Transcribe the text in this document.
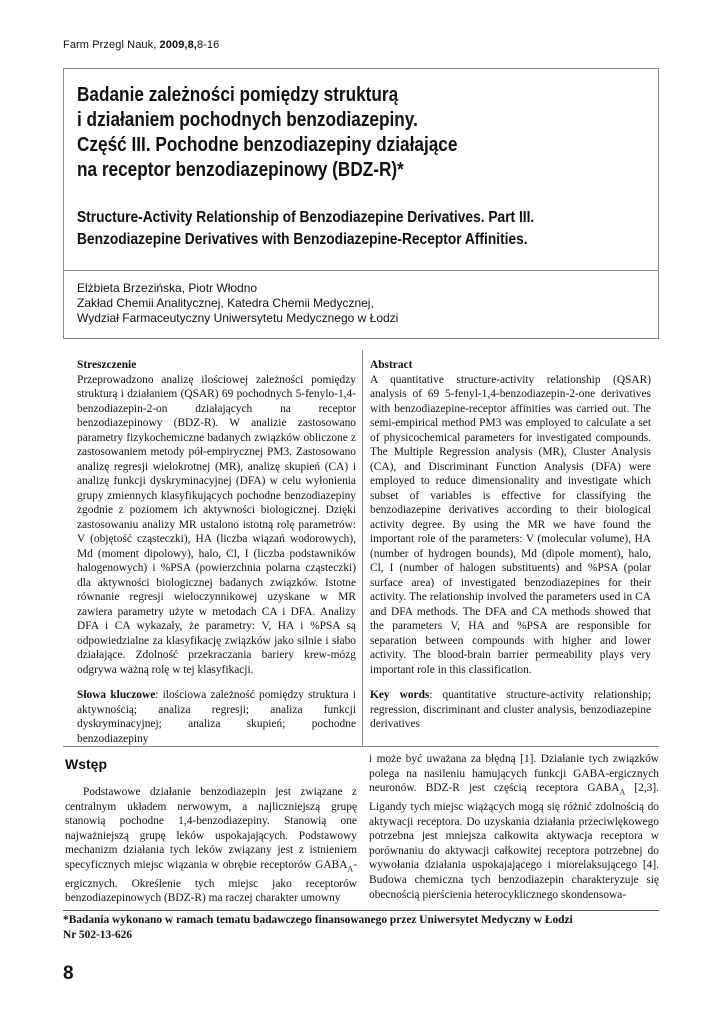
Farm Przegl Nauk, 2009,8,8-16
Badanie zależności pomiędzy strukturą
i działaniem pochodnych benzodiazepiny.
Część III. Pochodne benzodiazepiny działające
na receptor benzodiazepinowy (BDZ-R)*
Structure-Activity Relationship of Benzodiazepine Derivatives. Part III.
Benzodiazepine Derivatives with Benzodiazepine-Receptor Affinities.
Elżbieta Brzezińska, Piotr Włodno
Zakład Chemii Analitycznej, Katedra Chemii Medycznej,
Wydział Farmaceutyczny Uniwersytetu Medycznego w Łodzi
Streszczenie

Przeprowadzono analizę ilościowej zależności pomiędzy strukturą i działaniem (QSAR) 69 pochodnych 5-fenylo-1,4-benzodiazepin-2-on działających na receptor benzodiazepinowy (BDZ-R). W analizie zastosowano parametry fizykochemiczne badanych związków obliczone z zastosowaniem metody pół-empirycznej PM3. Zastosowano analizę regresji wielokrotnej (MR), analizę skupień (CA) i analizę funkcji dyskryminacyjnej (DFA) w celu wyłonienia grupy zmiennych klasyfikujących pochodne benzodiazepiny zgodnie z poziomem ich aktywności biologicznej. Dzięki zastosowaniu analizy MR ustalono istotną rolę parametrów: V (objętość cząsteczki), HA (liczba wiązań wodorowych), Md (moment dipolowy), halo, Cl, I (liczba podstawników halogenowych) i %PSA (powierzchnia polarna cząsteczki) dla aktywności biologicznej badanych związków. Istotne równanie regresji wieloczynnikowej uzyskane w MR zawiera parametry użyte w metodach CA i DFA. Analizy DFA i CA wykazały, że parametry: V, HA i %PSA są odpowiedzialne za klasyfikację związków jako silnie i słabo działające. Zdolność przekraczania bariery krew-mózg odgrywa ważną rolę w tej klasyfikacji.

Słowa kluczowe: ilościowa zależność pomiędzy struktura i aktywnością; analiza regresji; analiza funkcji dyskryminacyjnej; analiza skupień; pochodne benzodiazepiny

Abstract

A quantitative structure-activity relationship (QSAR) analysis of 69 5-fenyl-1,4-benzodiazepin-2-one derivatives with benzodiazepine-receptor affinities was carried out. The semi-empirical method PM3 was employed to calculate a set of physicochemical parameters for investigated compounds. The Multiple Regression analysis (MR), Cluster Analysis (CA), and Discriminant Function Analysis (DFA) were employed to reduce dimensionality and investigate which subset of variables is effective for classifying the benzodiazepine derivatives according to their biological activity degree. By using the MR we have found the important role of the parameters: V (molecular volume), HA (number of hydrogen bounds), Md (dipole moment), halo, Cl, I (number of halogen substituents) and %PSA (polar surface area) of investigated benzodiazepines for their activity. The relationship involved the parameters used in CA and DFA methods. The DFA and CA methods showed that the parameters V, HA and %PSA are responsible for separation between compounds with higher and lower activity. The blood-brain barrier permeability plays very important role in this classification.

Key words: quantitative structure-activity relationship; regression, discriminant and cluster analysis, benzodiazepine derivatives

Wstęp

Podstawowe działanie benzodiazepin jest związane z centralnym układem nerwowym, a najliczniejszą grupę stanowią pochodne 1,4-benzodiazepiny. Stanowią one najważniejszą grupę leków uspokajających. Podstawowy mechanizm działania tych leków związany jest z istnieniem specyficznych miejsc wiązania w obrębie receptorów $GABA_A$-ergicznych. Określenie tych miejsc jako receptorów benzodiazepinowych (BDZ-R) ma raczej charakter umowny

i może być uważana za błędną [1]. Działanie tych związków polega na nasileniu hamujących funkcji GABA-ergicznych neuronów. BDZ-R jest częścią receptora $GABA_A$ [2,3]. Ligandy tych miejsc wiążących mogą się różnić zdolnością do aktywacji receptora. Do uzyskania działania przeciwlękowego potrzebna jest mniejsza całkowita aktywacja receptora w porównaniu do aktywacji całkowitej receptora potrzebnej do wywołania działania uspokajającego i miorelaksującego [4]. Budowa chemiczna tych benzodiazepin charakteryzuje się obecnością pierścienia heterocyklicznego skondensowa-

*Badania wykonano w ramach tematu badawczego finansowanego przez Uniwersytet Medyczny w Łodzi
Nr 502-13-626
8
